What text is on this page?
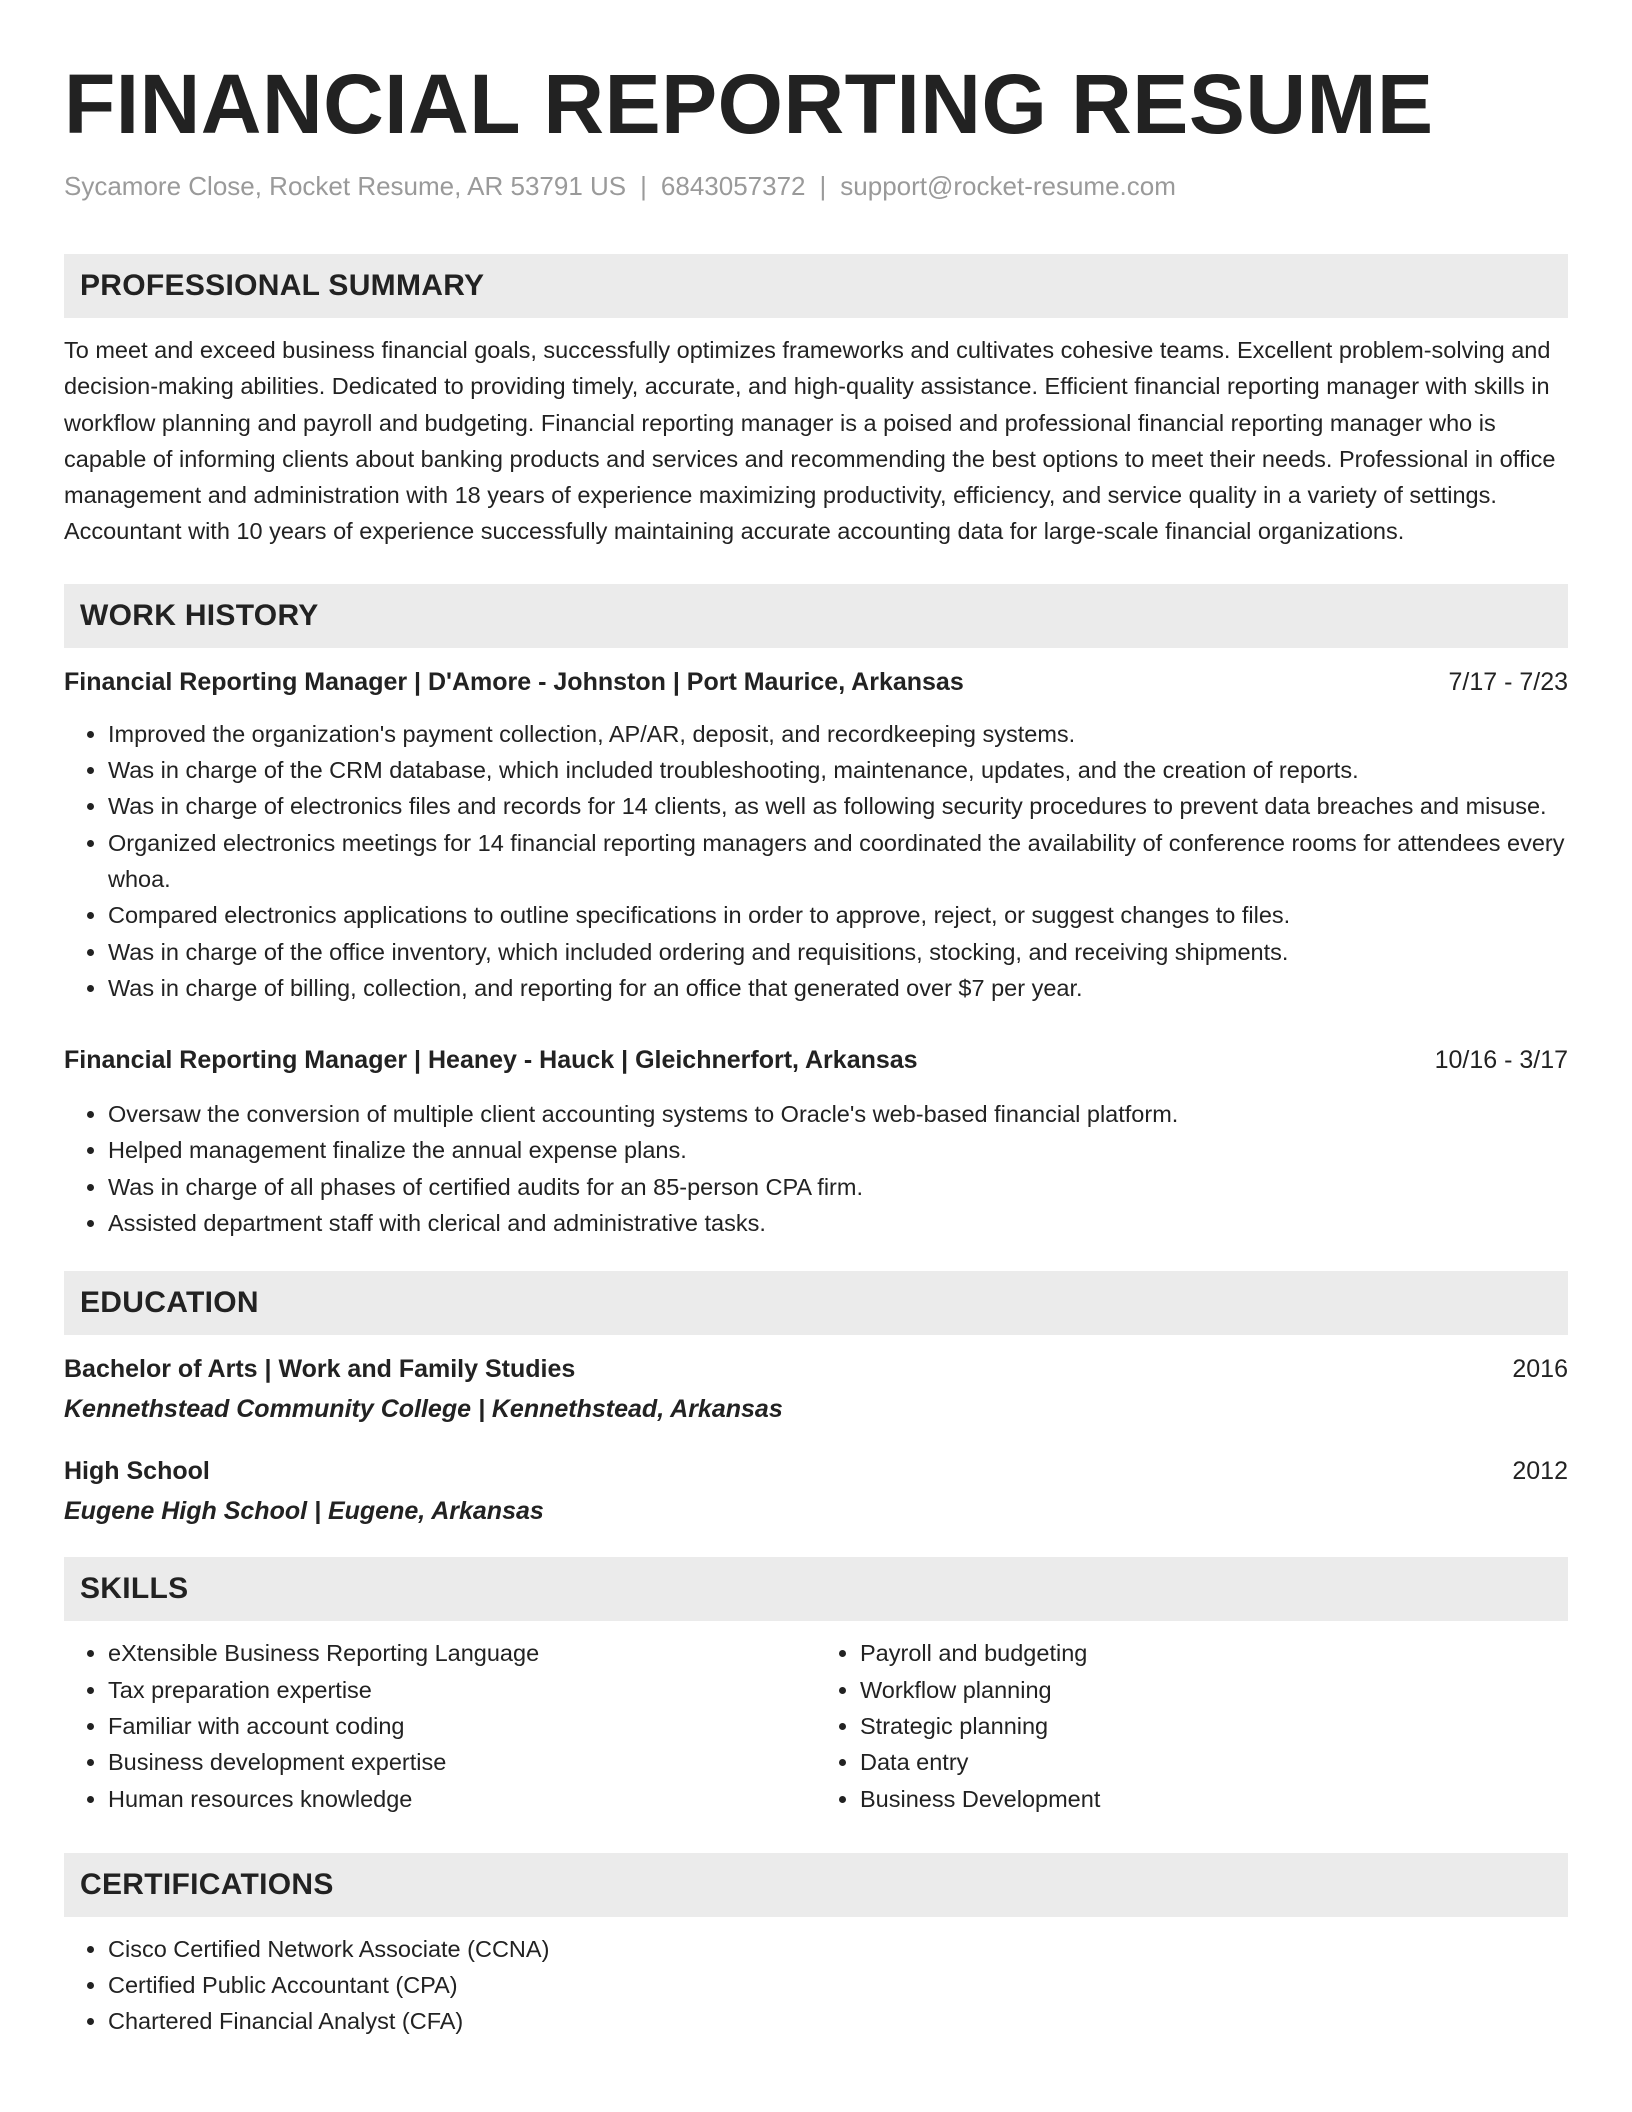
FINANCIAL REPORTING RESUME
Sycamore Close, Rocket Resume, AR 53791 US | 6843057372 | support@rocket-resume.com
PROFESSIONAL SUMMARY
To meet and exceed business financial goals, successfully optimizes frameworks and cultivates cohesive teams. Excellent problem-solving and decision-making abilities. Dedicated to providing timely, accurate, and high-quality assistance. Efficient financial reporting manager with skills in workflow planning and payroll and budgeting. Financial reporting manager is a poised and professional financial reporting manager who is capable of informing clients about banking products and services and recommending the best options to meet their needs. Professional in office management and administration with 18 years of experience maximizing productivity, efficiency, and service quality in a variety of settings. Accountant with 10 years of experience successfully maintaining accurate accounting data for large-scale financial organizations.
WORK HISTORY
Financial Reporting Manager | D'Amore - Johnston | Port Maurice, Arkansas	7/17 - 7/23
• Improved the organization's payment collection, AP/AR, deposit, and recordkeeping systems.
• Was in charge of the CRM database, which included troubleshooting, maintenance, updates, and the creation of reports.
• Was in charge of electronics files and records for 14 clients, as well as following security procedures to prevent data breaches and misuse.
• Organized electronics meetings for 14 financial reporting managers and coordinated the availability of conference rooms for attendees every whoa.
• Compared electronics applications to outline specifications in order to approve, reject, or suggest changes to files.
• Was in charge of the office inventory, which included ordering and requisitions, stocking, and receiving shipments.
• Was in charge of billing, collection, and reporting for an office that generated over $7 per year.
Financial Reporting Manager | Heaney - Hauck | Gleichnerfort, Arkansas	10/16 - 3/17
• Oversaw the conversion of multiple client accounting systems to Oracle's web-based financial platform.
• Helped management finalize the annual expense plans.
• Was in charge of all phases of certified audits for an 85-person CPA firm.
• Assisted department staff with clerical and administrative tasks.
EDUCATION
Bachelor of Arts | Work and Family Studies	2016
Kennethstead Community College | Kennethstead, Arkansas
High School	2012
Eugene High School | Eugene, Arkansas
SKILLS
• eXtensible Business Reporting Language
• Tax preparation expertise
• Familiar with account coding
• Business development expertise
• Human resources knowledge
• Payroll and budgeting
• Workflow planning
• Strategic planning
• Data entry
• Business Development
CERTIFICATIONS
• Cisco Certified Network Associate (CCNA)
• Certified Public Accountant (CPA)
• Chartered Financial Analyst (CFA)
